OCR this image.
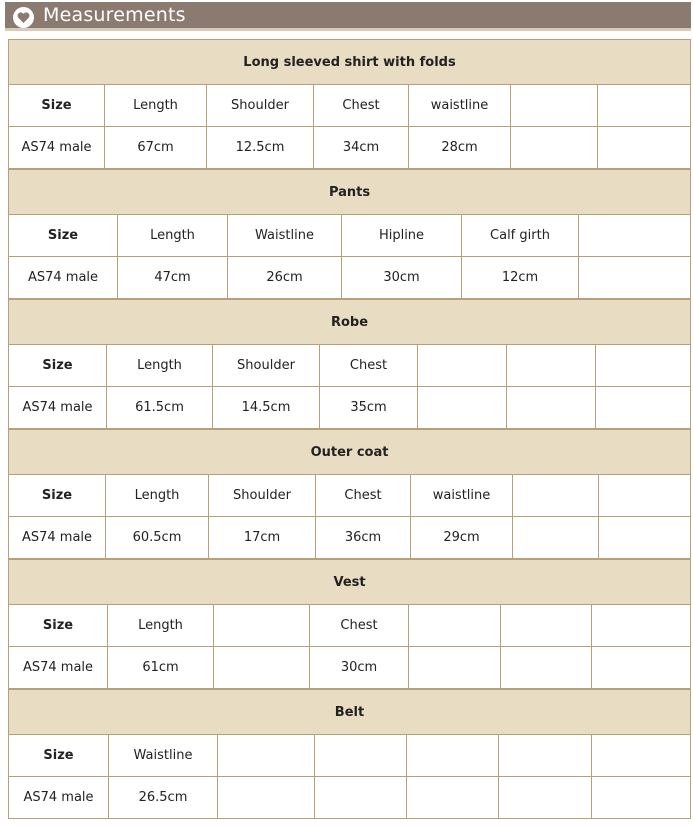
Measurements
Long sleeved shirt with folds						
Size	Length	Shoulder	Chest	waistline		
AS74 male	67cm	12.5cm	34cm	28cm		
Pants					
Size	Length	Waistline	Hipline	Calf girth	
AS74 male	47cm	26cm	30cm	12cm	
Robe						
Size	Length	Shoulder	Chest			
AS74 male	61.5cm	14.5cm	35cm			
Outer coat						
Size	Length	Shoulder	Chest	waistline		
AS74 male	60.5cm	17cm	36cm	29cm		
Vest						
Size	Length		Chest			
AS74 male	61cm		30cm			
Belt						
Size	Waistline					
AS74 male	26.5cm					
